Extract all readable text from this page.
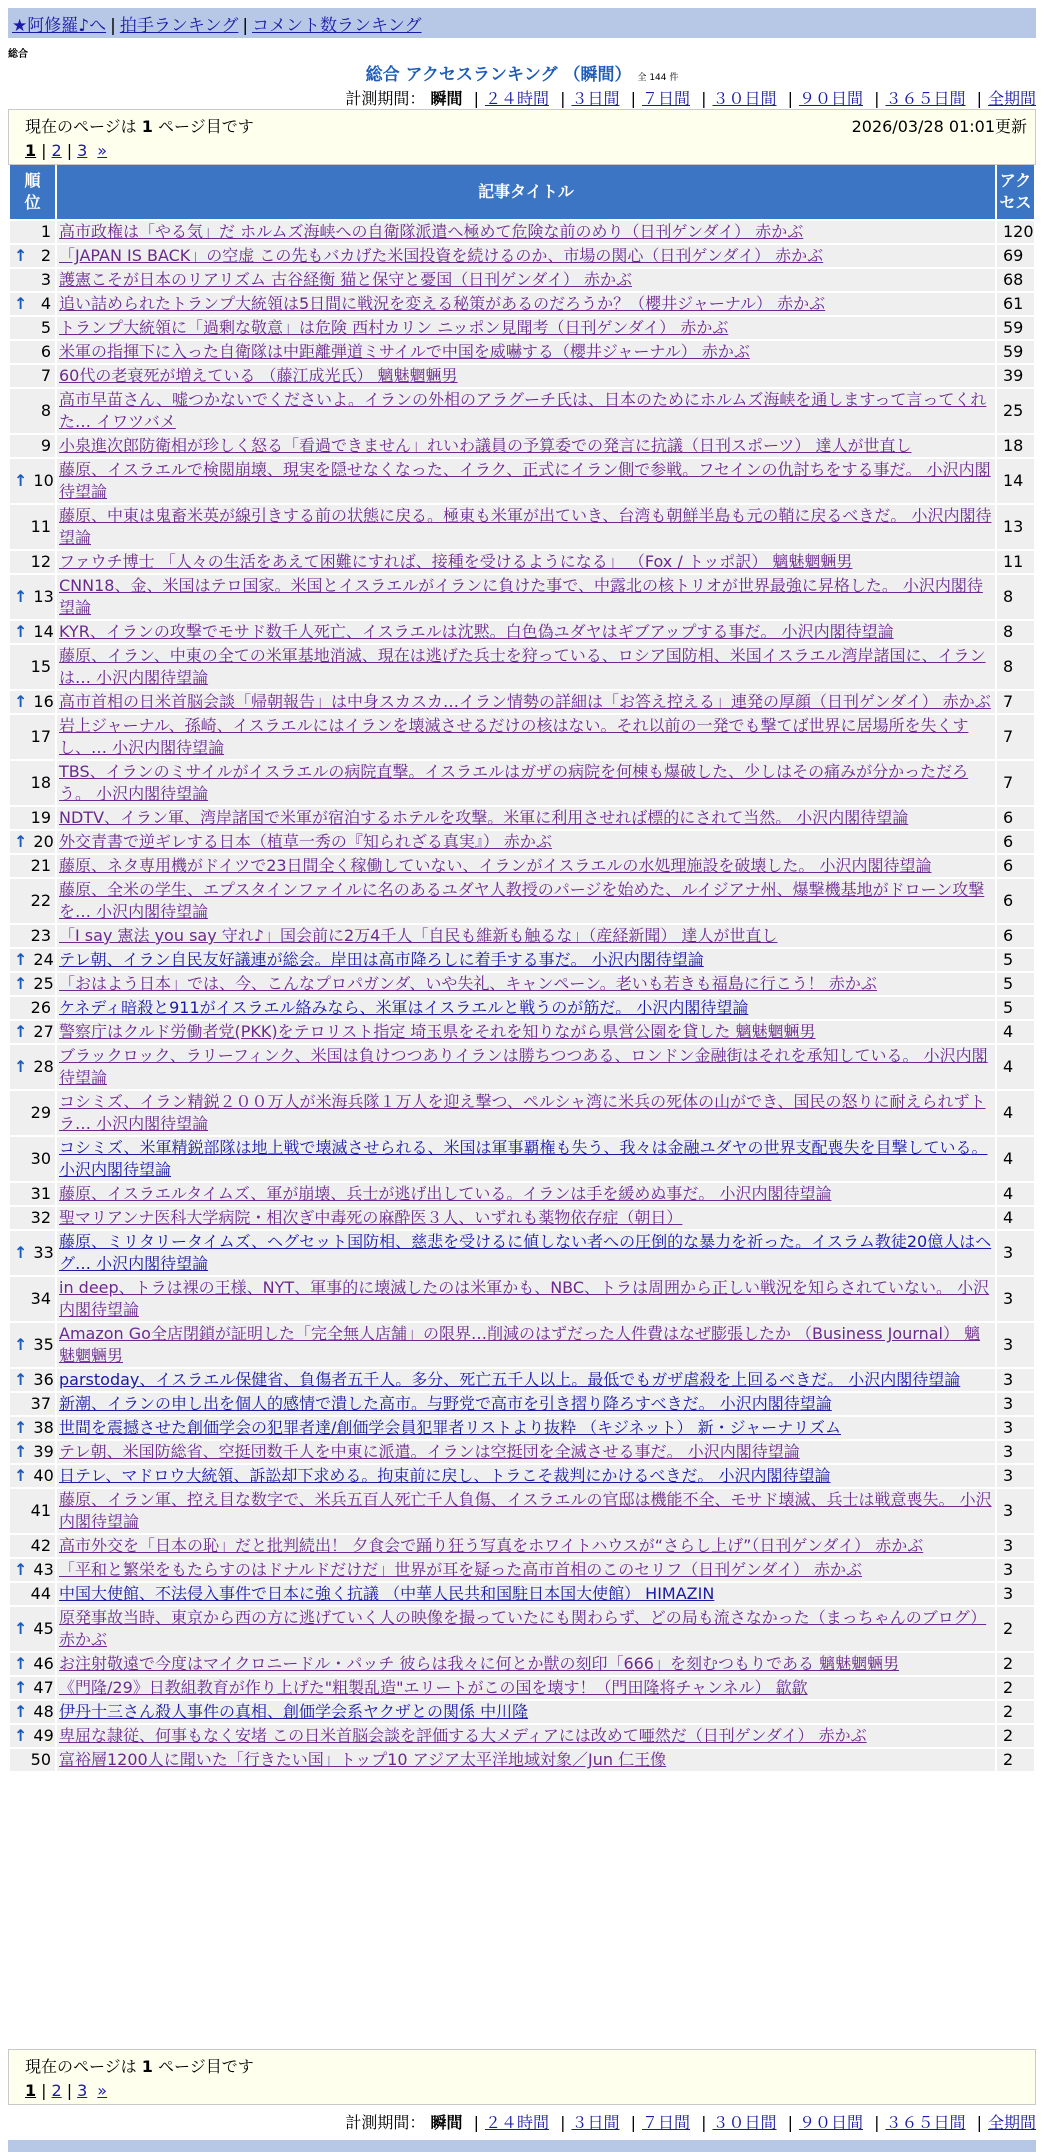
★阿修羅♪へ | 拍手ランキング | コメント数ランキング
総合
総合 アクセスランキング （瞬間） 全 144 件
計測期間： 瞬間 | ２４時間 | ３日間 | ７日間 | ３０日間 | ９０日間 | ３６５日間 | 全期間
現在のページは 1 ページ目です	2026/03/28 01:01更新
1 | 2 | 3 »
順位	記事タイトル	アクセス
1	高市政権は「やる気」だ ホルムズ海峡への自衛隊派遣へ極めて危険な前のめり（日刊ゲンダイ） 赤かぶ	120

↑ 2	「JAPAN IS BACK」の空虚 この先もバカげた米国投資を続けるのか、市場の関心（日刊ゲンダイ） 赤かぶ	69
3	護憲こそが日本のリアリズム 古谷経衡 猫と保守と憂国（日刊ゲンダイ） 赤かぶ	68

↑ 4	追い詰められたトランプ大統領は5日間に戦況を変える秘策があるのだろうか？（櫻井ジャーナル） 赤かぶ	61
5	トランプ大統領に「過剰な敬意」は危険 西村カリン ニッポン見聞考（日刊ゲンダイ） 赤かぶ	59
6	米軍の指揮下に入った自衛隊は中距離弾道ミサイルで中国を威嚇する（櫻井ジャーナル） 赤かぶ	59
7	60代の老衰死が増えている （藤江成光氏） 魑魅魍魎男	39
8	高市早苗さん、嘘つかないでくださいよ。イランの外相のアラグーチ氏は、日本のためにホルムズ海峡を通しますって言ってくれた… イワツバメ	25
9	小泉進次郎防衛相が珍しく怒る「看過できません」れいわ議員の予算委での発言に抗議（日刊スポーツ） 達人が世直し	18

↑ 10	藤原、イスラエルで検閲崩壊、現実を隠せなくなった、イラク、正式にイラン側で参戦。フセインの仇討ちをする事だ。 小沢内閣待望論	14
11	藤原、中東は鬼畜米英が線引きする前の状態に戻る。極東も米軍が出ていき、台湾も朝鮮半島も元の鞘に戻るべきだ。 小沢内閣待望論	13
12	ファウチ博士 「人々の生活をあえて困難にすれば、接種を受けるようになる」 （Fox / トッポ訳） 魑魅魍魎男	11

↑ 13	CNN18、金、米国はテロ国家。米国とイスラエルがイランに負けた事で、中露北の核トリオが世界最強に昇格した。 小沢内閣待望論	8

↑ 14	KYR、イランの攻撃でモサド数千人死亡、イスラエルは沈黙。白色偽ユダヤはギブアップする事だ。 小沢内閣待望論	8
15	藤原、イラン、中東の全ての米軍基地消滅、現在は逃げた兵士を狩っている、ロシア国防相、米国イスラエル湾岸諸国に、イランは… 小沢内閣待望論	8

↑ 16	高市首相の日米首脳会談「帰朝報告」は中身スカスカ…イラン情勢の詳細は「お答え控える」連発の厚顔（日刊ゲンダイ） 赤かぶ	7
17	岩上ジャーナル、孫崎、イスラエルにはイランを壊滅させるだけの核はない。それ以前の一発でも撃てば世界に居場所を失くすし、… 小沢内閣待望論	7
18	TBS、イランのミサイルがイスラエルの病院直撃。イスラエルはガザの病院を何棟も爆破した、少しはその痛みが分かっただろう。 小沢内閣待望論	7
19	NDTV、イラン軍、湾岸諸国で米軍が宿泊するホテルを攻撃。米軍に利用させれば標的にされて当然。 小沢内閣待望論	6

↑ 20	外交青書で逆ギレする日本（植草一秀の『知られざる真実』） 赤かぶ	6
21	藤原、ネタ専用機がドイツで23日間全く稼働していない、イランがイスラエルの水処理施設を破壊した。 小沢内閣待望論	6
22	藤原、全米の学生、エプスタインファイルに名のあるユダヤ人教授のパージを始めた、ルイジアナ州、爆撃機基地がドローン攻撃を… 小沢内閣待望論	6
23	「I say 憲法 you say 守れ♪」国会前に2万4千人「自民も維新も触るな」（産経新聞） 達人が世直し	6

↑ 24	テレ朝、イラン自民友好議連が総会。岸田は高市降ろしに着手する事だ。 小沢内閣待望論	5

↑ 25	「おはよう日本」では、今、こんなプロパガンダ、いや失礼、キャンペーン。老いも若きも福島に行こう！ 赤かぶ	5
26	ケネディ暗殺と911がイスラエル絡みなら、米軍はイスラエルと戦うのが筋だ。 小沢内閣待望論	5

↑ 27	警察庁はクルド労働者党(PKK)をテロリスト指定 埼玉県をそれを知りながら県営公園を貸した 魑魅魍魎男	4

↑ 28	ブラックロック、ラリーフィンク、米国は負けつつありイランは勝ちつつある、ロンドン金融街はそれを承知している。 小沢内閣待望論	4
29	コシミズ、イラン精鋭２００万人が米海兵隊１万人を迎え撃つ、ペルシャ湾に米兵の死体の山ができ、国民の怒りに耐えられずトラ… 小沢内閣待望論	4
30	コシミズ、米軍精鋭部隊は地上戦で壊滅させられる、米国は軍事覇権も失う、我々は金融ユダヤの世界支配喪失を目撃している。 小沢内閣待望論	4
31	藤原、イスラエルタイムズ、軍が崩壊、兵士が逃げ出している。イランは手を緩めぬ事だ。 小沢内閣待望論	4
32	聖マリアンナ医科大学病院・相次ぎ中毒死の麻酔医３人、いずれも薬物依存症（朝日）	4

↑ 33	藤原、ミリタリータイムズ、ヘグセット国防相、慈悲を受けるに値しない者への圧倒的な暴力を祈った。イスラム教徒20億人はヘグ… 小沢内閣待望論	3
34	in deep、トラは裸の王様、NYT、軍事的に壊滅したのは米軍かも、NBC、トラは周囲から正しい戦況を知らされていない。 小沢内閣待望論	3

↑ 35	Amazon Go全店閉鎖が証明した「完全無人店舗」の限界…削減のはずだった人件費はなぜ膨張したか （Business Journal） 魑魅魍魎男	3

↑ 36	parstoday、イスラエル保健省、負傷者五千人。多分、死亡五千人以上。最低でもガザ虐殺を上回るべきだ。 小沢内閣待望論	3
37	新潮、イランの申し出を個人的感情で潰した高市。与野党で高市を引き摺り降ろすべきだ。 小沢内閣待望論	3

↑ 38	世間を震撼させた創価学会の犯罪者達/創価学会員犯罪者リストより抜粋 （キジネット） 新・ジャーナリズム	3

↑ 39	テレ朝、米国防総省、空挺団数千人を中東に派遣。イランは空挺団を全滅させる事だ。 小沢内閣待望論	3

↑ 40	日テレ、マドロウ大統領、訴訟却下求める。拘束前に戻し、トラこそ裁判にかけるべきだ。 小沢内閣待望論	3
41	藤原、イラン軍、控え目な数字で、米兵五百人死亡千人負傷、イスラエルの官邸は機能不全、モサド壊滅、兵士は戦意喪失。 小沢内閣待望論	3
42	高市外交を「日本の恥」だと批判続出！ 夕食会で踊り狂う写真をホワイトハウスが“さらし上げ”（日刊ゲンダイ） 赤かぶ	3

↑ 43	「平和と繁栄をもたらすのはドナルドだけだ」世界が耳を疑った高市首相のこのセリフ（日刊ゲンダイ） 赤かぶ	3
44	中国大使館、不法侵入事件で日本に強く抗議 （中華人民共和国駐日本国大使館） HIMAZIN	3

↑ 45	原発事故当時、東京から西の方に逃げていく人の映像を撮っていたにも関わらず、どの局も流さなかった（まっちゃんのブログ） 赤かぶ	2

↑ 46	お注射敬遠で今度はマイクロニードル・パッチ 彼らは我々に何とか獣の刻印「666」を刻むつもりである 魑魅魍魎男	2

↑ 47	《門隆/29》日教組教育が作り上げた"粗製乱造"エリートがこの国を壊す！（門田隆将チャンネル） 歙歙	2

↑ 48	伊丹十三さん殺人事件の真相、創価学会系ヤクザとの関係 中川隆	2

↑ 49	卑屈な隷従、何事もなく安堵 この日米首脳会談を評価する大メディアには改めて唖然だ（日刊ゲンダイ） 赤かぶ	2
50	富裕層1200人に聞いた「行きたい国」トップ10 アジア太平洋地域対象／Jun 仁王像	2
現在のページは 1 ページ目です
1 | 2 | 3 »
計測期間： 瞬間 | ２４時間 | ３日間 | ７日間 | ３０日間 | ９０日間 | ３６５日間 | 全期間
